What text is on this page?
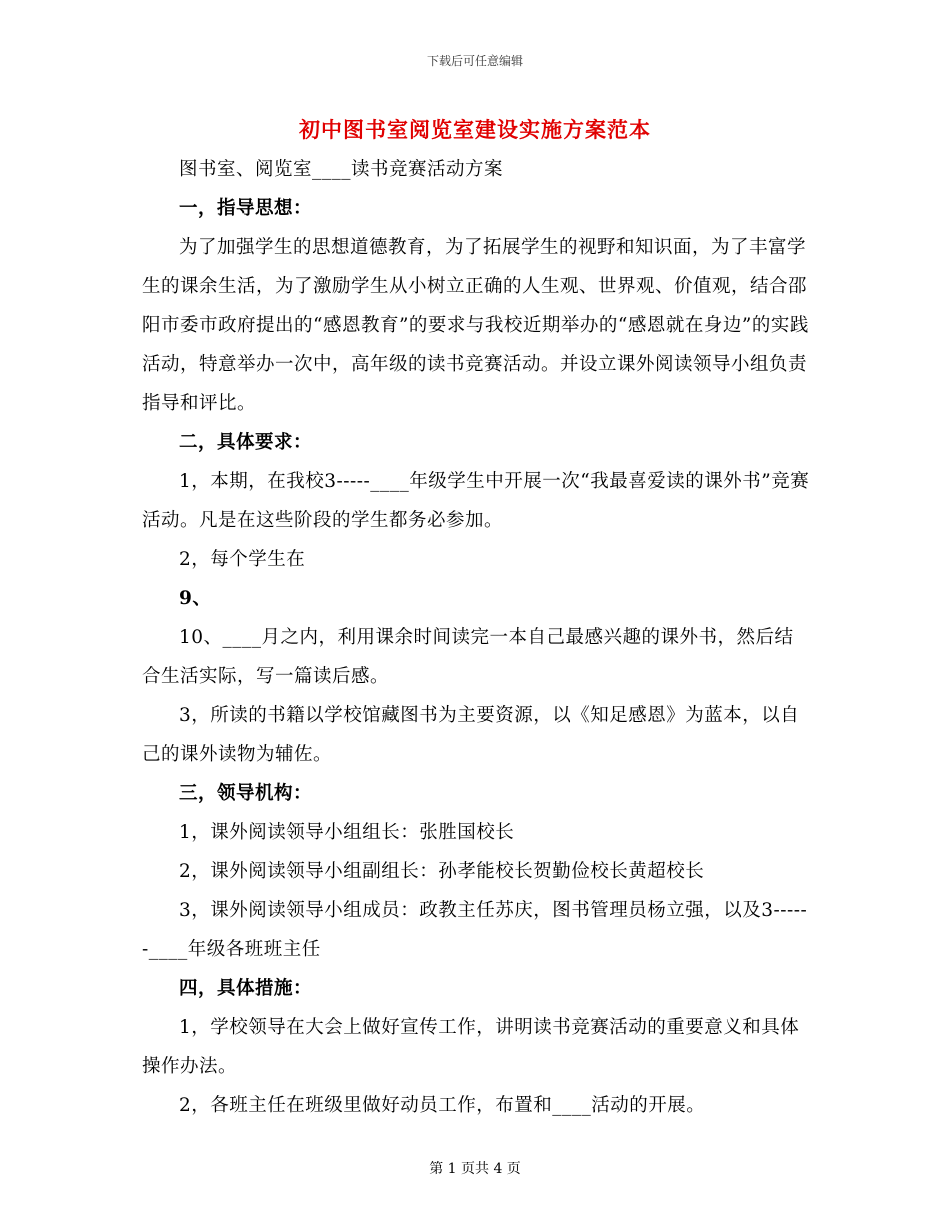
下载后可任意编辑
初中图书室阅览室建设实施方案范本

图书室、阅览室____读书竞赛活动方案

一，指导思想：

为了加强学生的思想道德教育，为了拓展学生的视野和知识面，为了丰富学生的课余生活，为了激励学生从小树立正确的人生观、世界观、价值观，结合邵阳市委市政府提出的“感恩教育”的要求与我校近期举办的“感恩就在身边”的实践活动，特意举办一次中，高年级的读书竞赛活动。并设立课外阅读领导小组负责指导和评比。

二，具体要求：

1，本期，在我校3-----____年级学生中开展一次“我最喜爱读的课外书”竞赛活动。凡是在这些阶段的学生都务必参加。

2，每个学生在

9、

10、____月之内，利用课余时间读完一本自己最感兴趣的课外书，然后结合生活实际，写一篇读后感。

3，所读的书籍以学校馆藏图书为主要资源，以《知足感恩》为蓝本，以自己的课外读物为辅佐。

三，领导机构：

1，课外阅读领导小组组长：张胜国校长

2，课外阅读领导小组副组长：孙孝能校长贺勤俭校长黄超校长

3，课外阅读领导小组成员：政教主任苏庆，图书管理员杨立强，以及3------____年级各班班主任

四，具体措施：

1，学校领导在大会上做好宣传工作，讲明读书竞赛活动的重要意义和具体操作办法。

2，各班主任在班级里做好动员工作，布置和____活动的开展。

第 1 页共 4 页
